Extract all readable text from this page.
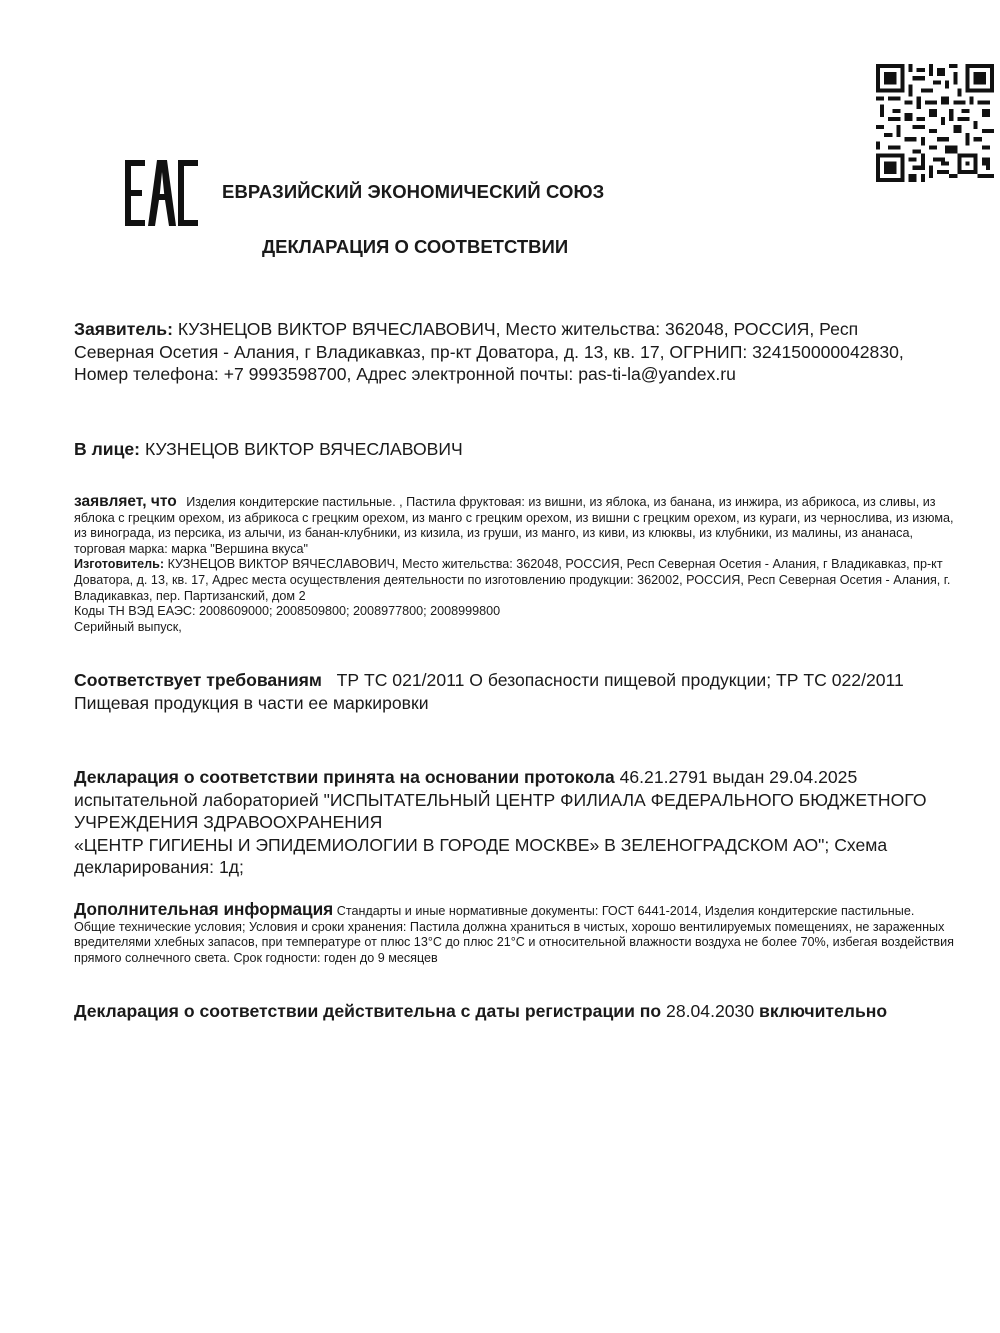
ЕВРАЗИЙСКИЙ ЭКОНОМИЧЕСКИЙ СОЮЗ
ДЕКЛАРАЦИЯ О СООТВЕТСТВИИ
Заявитель: КУЗНЕЦОВ ВИКТОР ВЯЧЕСЛАВОВИЧ, Место жительства: 362048, РОССИЯ, Респ Северная Осетия - Алания, г Владикавказ, пр-кт Доватора, д. 13, кв. 17, ОГРНИП: 324150000042830, Номер телефона: +7 9993598700, Адрес электронной почты: pas-ti-la@yandex.ru
В лице: КУЗНЕЦОВ ВИКТОР ВЯЧЕСЛАВОВИЧ
заявляет, что Изделия кондитерские пастильные. , Пастила фруктовая: из вишни, из яблока, из банана, из инжира, из абрикоса, из сливы, из яблока с грецким орехом, из абрикоса с грецким орехом, из манго с грецким орехом, из вишни с грецким орехом, из кураги, из чернослива, из изюма, из винограда, из персика, из алычи, из банан-клубники, из кизила, из груши, из манго, из киви, из клюквы, из клубники, из малины, из ананаса, торговая марка: марка "Вершина вкуса"
Изготовитель: КУЗНЕЦОВ ВИКТОР ВЯЧЕСЛАВОВИЧ, Место жительства: 362048, РОССИЯ, Респ Северная Осетия - Алания, г Владикавказ, пр-кт Доватора, д. 13, кв. 17, Адрес места осуществления деятельности по изготовлению продукции: 362002, РОССИЯ, Респ Северная Осетия - Алания, г. Владикавказ, пер. Партизанский, дом 2
Коды ТН ВЭД ЕАЭС: 2008609000; 2008509800; 2008977800; 2008999800
Серийный выпуск,
Соответствует требованиям ТР ТС 021/2011 О безопасности пищевой продукции; ТР ТС 022/2011 Пищевая продукция в части ее маркировки
Декларация о соответствии принята на основании протокола 46.21.2791 выдан 29.04.2025
испытательной лабораторией "ИСПЫТАТЕЛЬНЫЙ ЦЕНТР ФИЛИАЛА ФЕДЕРАЛЬНОГО БЮДЖЕТНОГО УЧРЕЖДЕНИЯ ЗДРАВООХРАНЕНИЯ
«ЦЕНТР ГИГИЕНЫ И ЭПИДЕМИОЛОГИИ В ГОРОДЕ МОСКВЕ» В ЗЕЛЕНОГРАДСКОМ АО"; Схема декларирования: 1д;
Дополнительная информация Стандарты и иные нормативные документы: ГОСТ 6441-2014, Изделия кондитерские пастильные. Общие технические условия; Условия и сроки хранения: Пастила должна храниться в чистых, хорошо вентилируемых помещениях, не зараженных вредителями хлебных запасов, при температуре от плюс 13°С до плюс 21°С и относительной влажности воздуха не более 70%, избегая воздействия прямого солнечного света. Срок годности: годен до 9 месяцев
Декларация о соответствии действительна с даты регистрации по 28.04.2030 включительно
